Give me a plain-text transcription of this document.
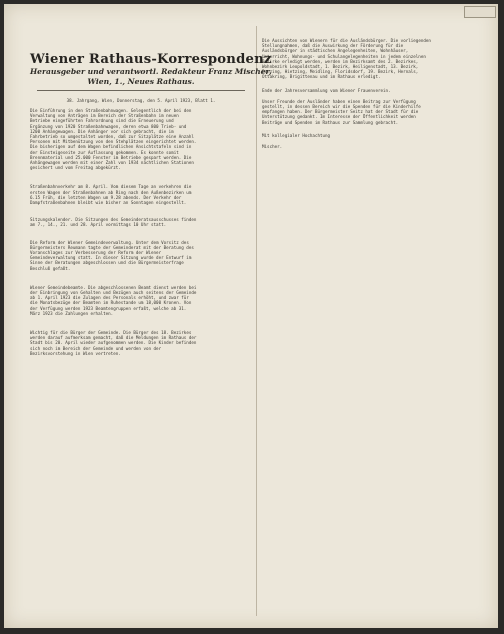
Wiener Rathaus-Korrespondenz
Herausgeber und verantwortl. Redakteur Franz Mischer,
Wien, 1., Neues Rathaus.
38. Jahrgang, Wien, Donnerstag, den 5. April 1923, Blatt 1.
Die Einführung in den Straßenbahnwagen. Gelegentlich der bei den
Verwaltung von Anträgen im Bereich der Straßenbahn im neuen
Betriebe eingeführten Fahrordnung sind die Erneuerung und
Ergänzung von 1920 Straßenbahnwagen, deren etwa 800 Trieb- und
1200 Anhängewagen. Die Anhänger vor sich gebracht, die im
Fahrbetrieb so umgestaltet worden, daß zur Sitzplätze eine Anzahl
Personen mit Mitbenützung von den Stehplätzen eingerichtet werden.
Die bisherigen auf dem Wagen befindlichen Ansichtstafeln sind in
der Einsteigeseite zur Auflassung gekommen. Es konnte somit
Brennmaterial und 25.000 Fenster im Betriebe gespart werden. Die
Anhängewagen werden mit einer Zahl von 1934 nächtlichen Stationen
gesichert und vom Freitag abgekürzt.
Straßenbahnverkehr am 8. April. Vom diesem Tage an verkehren die
ersten Wagen der Straßenbahnen ab Ring nach den Außenbezirken um
6.15 Früh, die letzten Wagen um 9.28 abends. Der Verkehr der
Dampfstraßenbahnen bleibt wie bisher an Sonntagen eingestellt.
Sitzungskalender. Die Sitzungen des Gemeinderatsausschusses finden
am 7., 14., 21. und 28. April vormittags 10 Uhr statt.
Die Reform der Wiener Gemeindeverwaltung. Unter dem Vorsitz des
Bürgermeisters Reumann tagte der Gemeinderat mit der Beratung des
Voranschlages zur Verbesserung der Reform der Wiener
Gemeindeverwaltung statt. In dieser Sitzung wurde der Entwurf im
Sinne der Beratungen abgeschlossen und die Bürgermeisterfrage
Beschluß gefaßt.
Wiener Gemeindebeamte. Die abgeschlossenen Beamt dienst werden bei
der Einbringung von Gehalten und Bezügen auch seitens der Gemeinde
ab 1. April 1923 die Zulagen des Personals erhöht, und zwar für
die Monatsbezüge der Beamten im Ruhestande um 18,000 Kronen. Von
der Verfügung werden 1923 Beamtengruppen erfaßt, welche ab 31.
März 1923 die Zahlungen erhalten.
Wichtig für die Bürger der Gemeinde. Die Bürger des 18. Bezirkes
werden darauf aufmerksam gemacht, daß die Meldungen im Rathaus der
Stadt bis 20. April wieder aufgenommen werden. Die Kinder befinden
sich noch im Bereich der Gemeinde und werden von der
Bezirksvorstehung in Wien vertreten.
Die Aussichten von Wienern für die Ausländsbürger. Die vorliegenden
Stellungnahmen, daß die Auswirkung der Förderung für die
Ausländsbürger in städtischen Angelegenheiten, Wohnhäuser,
Unterricht, Wohnungs- und Schulangelegenheiten in jedem einzelnen
Bezirke erledigt werden, werden im Bezirksamt des 2. Bezirkes,
Wohnbezirk Leopoldstadt, 1. Bezirk, Heiligenstadt, 13. Bezirk,
Penzing, Hietzing, Meidling, Floridsdorf, 19. Bezirk, Hernals,
Ottakring, Brigittenau und im Rathaus erledigt.
Ende der Jahresversammlung vom Wiener Frauenverein.
Unser Freunde der Ausländer haben einen Beitrag zur Verfügung
gestellt, in dessen Bereich wir die Spenden für die Kinderhilfe
empfangen haben. Der Bürgermeister Seitz hat der Stadt für die
Unterstützung gedankt. Im Interesse der Öffentlichkeit werden
Beiträge und Spenden im Rathaus zur Sammlung gebracht.
Mit kollegialer Hochachtung
Mischer.
